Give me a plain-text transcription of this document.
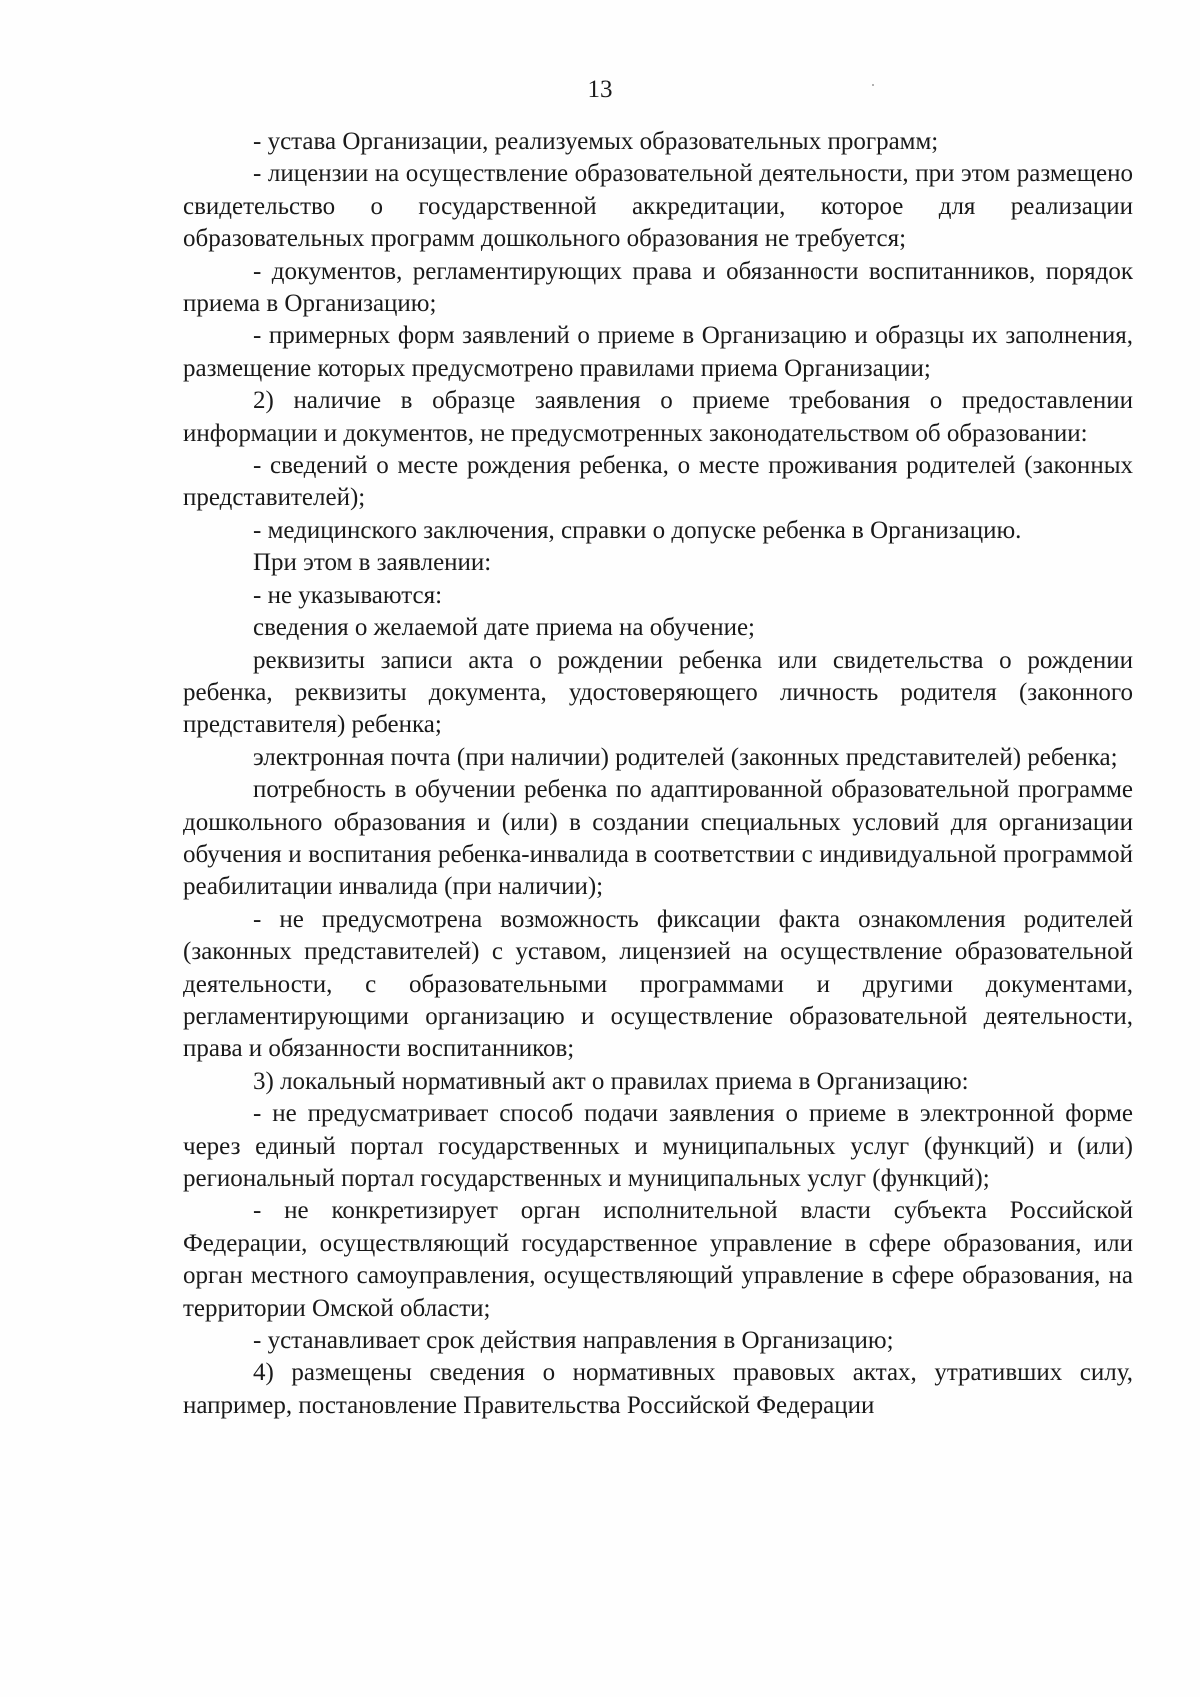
13

- устава Организации, реализуемых образовательных программ;

- лицензии на осуществление образовательной деятельности, при этом размещено свидетельство о государственной аккредитации, которое для реализации образовательных программ дошкольного образования не требуется;

- документов, регламентирующих права и обязанности воспитанников, порядок приема в Организацию;

- примерных форм заявлений о приеме в Организацию и образцы их заполнения, размещение которых предусмотрено правилами приема Организации;

2) наличие в образце заявления о приеме требования о предоставлении информации и документов, не предусмотренных законодательством об образовании:

- сведений о месте рождения ребенка, о месте проживания родителей (законных представителей);

- медицинского заключения, справки о допуске ребенка в Организацию.

При этом в заявлении:

- не указываются:

сведения о желаемой дате приема на обучение;

реквизиты записи акта о рождении ребенка или свидетельства о рождении ребенка, реквизиты документа, удостоверяющего личность родителя (законного представителя) ребенка;

электронная почта (при наличии) родителей (законных представителей) ребенка;

потребность в обучении ребенка по адаптированной образовательной программе дошкольного образования и (или) в создании специальных условий для организации обучения и воспитания ребенка-инвалида в соответствии с индивидуальной программой реабилитации инвалида (при наличии);

- не предусмотрена возможность фиксации факта ознакомления родителей (законных представителей) с уставом, лицензией на осуществление образовательной деятельности, с образовательными программами и другими документами, регламентирующими организацию и осуществление образовательной деятельности, права и обязанности воспитанников;

3) локальный нормативный акт о правилах приема в Организацию:

- не предусматривает способ подачи заявления о приеме в электронной форме через единый портал государственных и муниципальных услуг (функций) и (или) региональный портал государственных и муниципальных услуг (функций);

- не конкретизирует орган исполнительной власти субъекта Российской Федерации, осуществляющий государственное управление в сфере образования, или орган местного самоуправления, осуществляющий управление в сфере образования, на территории Омской области;

- устанавливает срок действия направления в Организацию;

4) размещены сведения о нормативных правовых актах, утративших силу, например, постановление Правительства Российской Федерации
